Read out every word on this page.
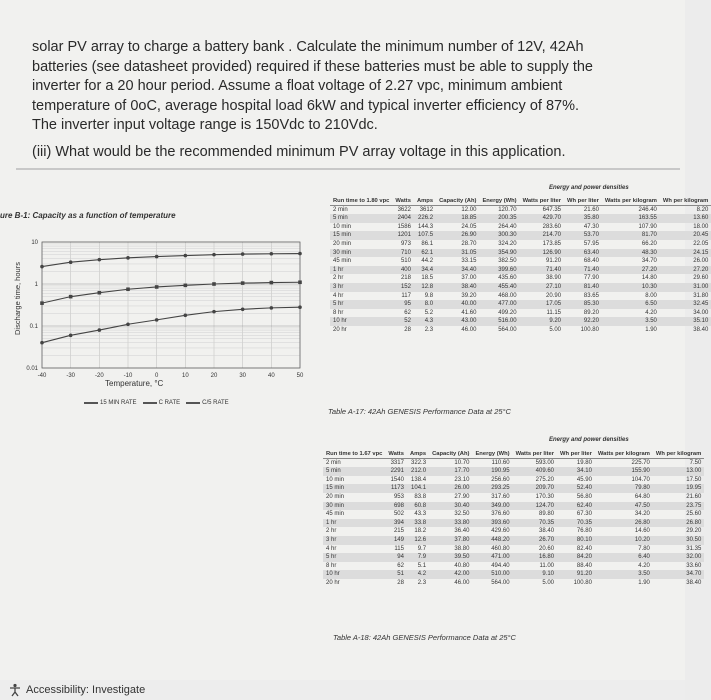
solar PV array to charge a battery bank . Calculate the minimum number of 12V, 42Ah

batteries (see datasheet provided) required if these batteries must be able to supply the

inverter for a 20 hour period. Assume a float voltage of 2.27 vpc, minimum ambient

temperature of 0oC, average hospital load 6kW and typical inverter efficiency of 87%.

The inverter input voltage range is 150Vdc to 210Vdc.

(iii) What would be the recommended minimum PV array voltage in this application.

ure B-1: Capacity as a function of temperature
10
1
0.1
0.01
-40	-30	-20	-10	0	10	20	30	40	50
Temperature, °C
Discharge time, hours
15 MIN RATE	C RATE	C/5 RATE
Energy and power densities
Run time to 1.80 vpc	Watts	Amps	Capacity (Ah)	Energy (Wh)	Watts per liter	Wh per liter	Watts per kilogram	Wh per kilogram
2 min	3622	3612	12.00	120.70	647.35	21.60	246.40	8.20
5 min	2404	226.2	18.85	200.35	429.70	35.80	163.55	13.60
10 min	1586	144.3	24.05	264.40	283.60	47.30	107.90	18.00
15 min	1201	107.5	26.90	300.30	214.70	53.70	81.70	20.45
20 min	973	86.1	28.70	324.20	173.85	57.95	66.20	22.05
30 min	710	62.1	31.05	354.90	126.90	63.40	48.30	24.15
45 min	510	44.2	33.15	382.50	91.20	68.40	34.70	26.00
1 hr	400	34.4	34.40	399.60	71.40	71.40	27.20	27.20
2 hr	218	18.5	37.00	435.60	38.90	77.90	14.80	29.60
3 hr	152	12.8	38.40	455.40	27.10	81.40	10.30	31.00
4 hr	117	9.8	39.20	468.00	20.90	83.65	8.00	31.80
5 hr	95	8.0	40.00	477.00	17.05	85.30	6.50	32.45
8 hr	62	5.2	41.60	499.20	11.15	89.20	4.20	34.00
10 hr	52	4.3	43.00	516.00	9.20	92.20	3.50	35.10
20 hr	28	2.3	46.00	564.00	5.00	100.80	1.90	38.40
Table A-17: 42Ah GENESIS Performance Data at 25°C
Energy and power densities
Run time to 1.67 vpc	Watts	Amps	Capacity (Ah)	Energy (Wh)	Watts per liter	Wh per liter	Watts per kilogram	Wh per kilogram
2 min	3317	322.3	10.70	110.60	593.00	19.80	225.70	7.50
5 min	2291	212.0	17.70	190.95	409.60	34.10	155.90	13.00
10 min	1540	138.4	23.10	256.60	275.20	45.90	104.70	17.50
15 min	1173	104.1	26.00	293.25	209.70	52.40	79.80	19.95
20 min	953	83.8	27.90	317.60	170.30	56.80	64.80	21.60
30 min	698	60.8	30.40	349.00	124.70	62.40	47.50	23.75
45 min	502	43.3	32.50	376.60	89.80	67.30	34.20	25.60
1 hr	394	33.8	33.80	393.60	70.35	70.35	26.80	26.80
2 hr	215	18.2	36.40	429.60	38.40	76.80	14.60	29.20
3 hr	149	12.6	37.80	448.20	26.70	80.10	10.20	30.50
4 hr	115	9.7	38.80	460.80	20.60	82.40	7.80	31.35
5 hr	94	7.9	39.50	471.00	16.80	84.20	6.40	32.00
8 hr	62	5.1	40.80	494.40	11.00	88.40	4.20	33.60
10 hr	51	4.2	42.00	510.00	9.10	91.20	3.50	34.70
20 hr	28	2.3	46.00	564.00	5.00	100.80	1.90	38.40
Table A-18: 42Ah GENESIS Performance Data at 25°C
Accessibility: Investigate
